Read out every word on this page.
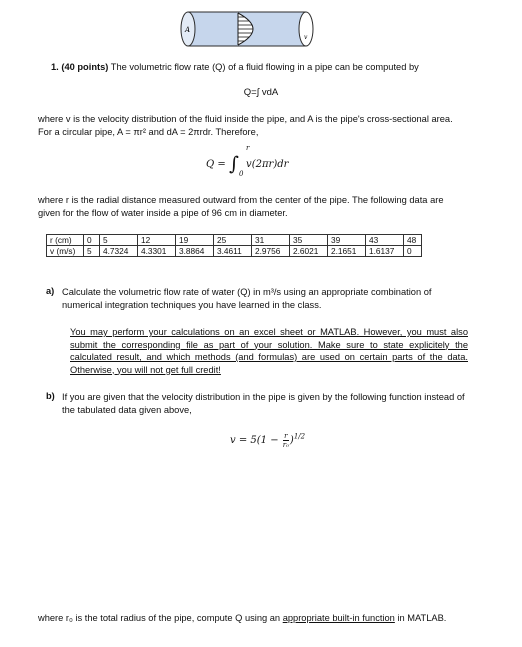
A
v
1. (40 points) The volumetric flow rate (Q) of a fluid flowing in a pipe can be computed by
Q=∫ vdA
where v is the velocity distribution of the fluid inside the pipe, and A is the pipe's cross-sectional area. For a circular pipe, A = πr² and dA = 2πrdr. Therefore,
Q = ∫
r
0
v(2πr)dr
where r is the radial distance measured outward from the center of the pipe. The following data are given for the flow of water inside a pipe of 96 cm in diameter.
r (cm)	0	5	12	19	25	31	35	39	43	48
v (m/s)	5	4.7324	4.3301	3.8864	3.4611	2.9756	2.6021	2.1651	1.6137	0
a) Calculate the volumetric flow rate of water (Q) in m³/s using an appropriate combination of numerical integration techniques you have learned in the class.
You may perform your calculations on an excel sheet or MATLAB. However, you must also submit the corresponding file as part of your solution. Make sure to state explicitely the calculated result, and which methods (and formulas) are used on certain parts of the data. Otherwise, you will not get full credit!
b) If you are given that the velocity distribution in the pipe is given by the following function instead of the tabulated data given above,
$v = 5(1 - \frac{r}{\text{r₀}} )^{1/2}$
where r₀ is the total radius of the pipe, compute Q using an appropriate built-in function in MATLAB.
